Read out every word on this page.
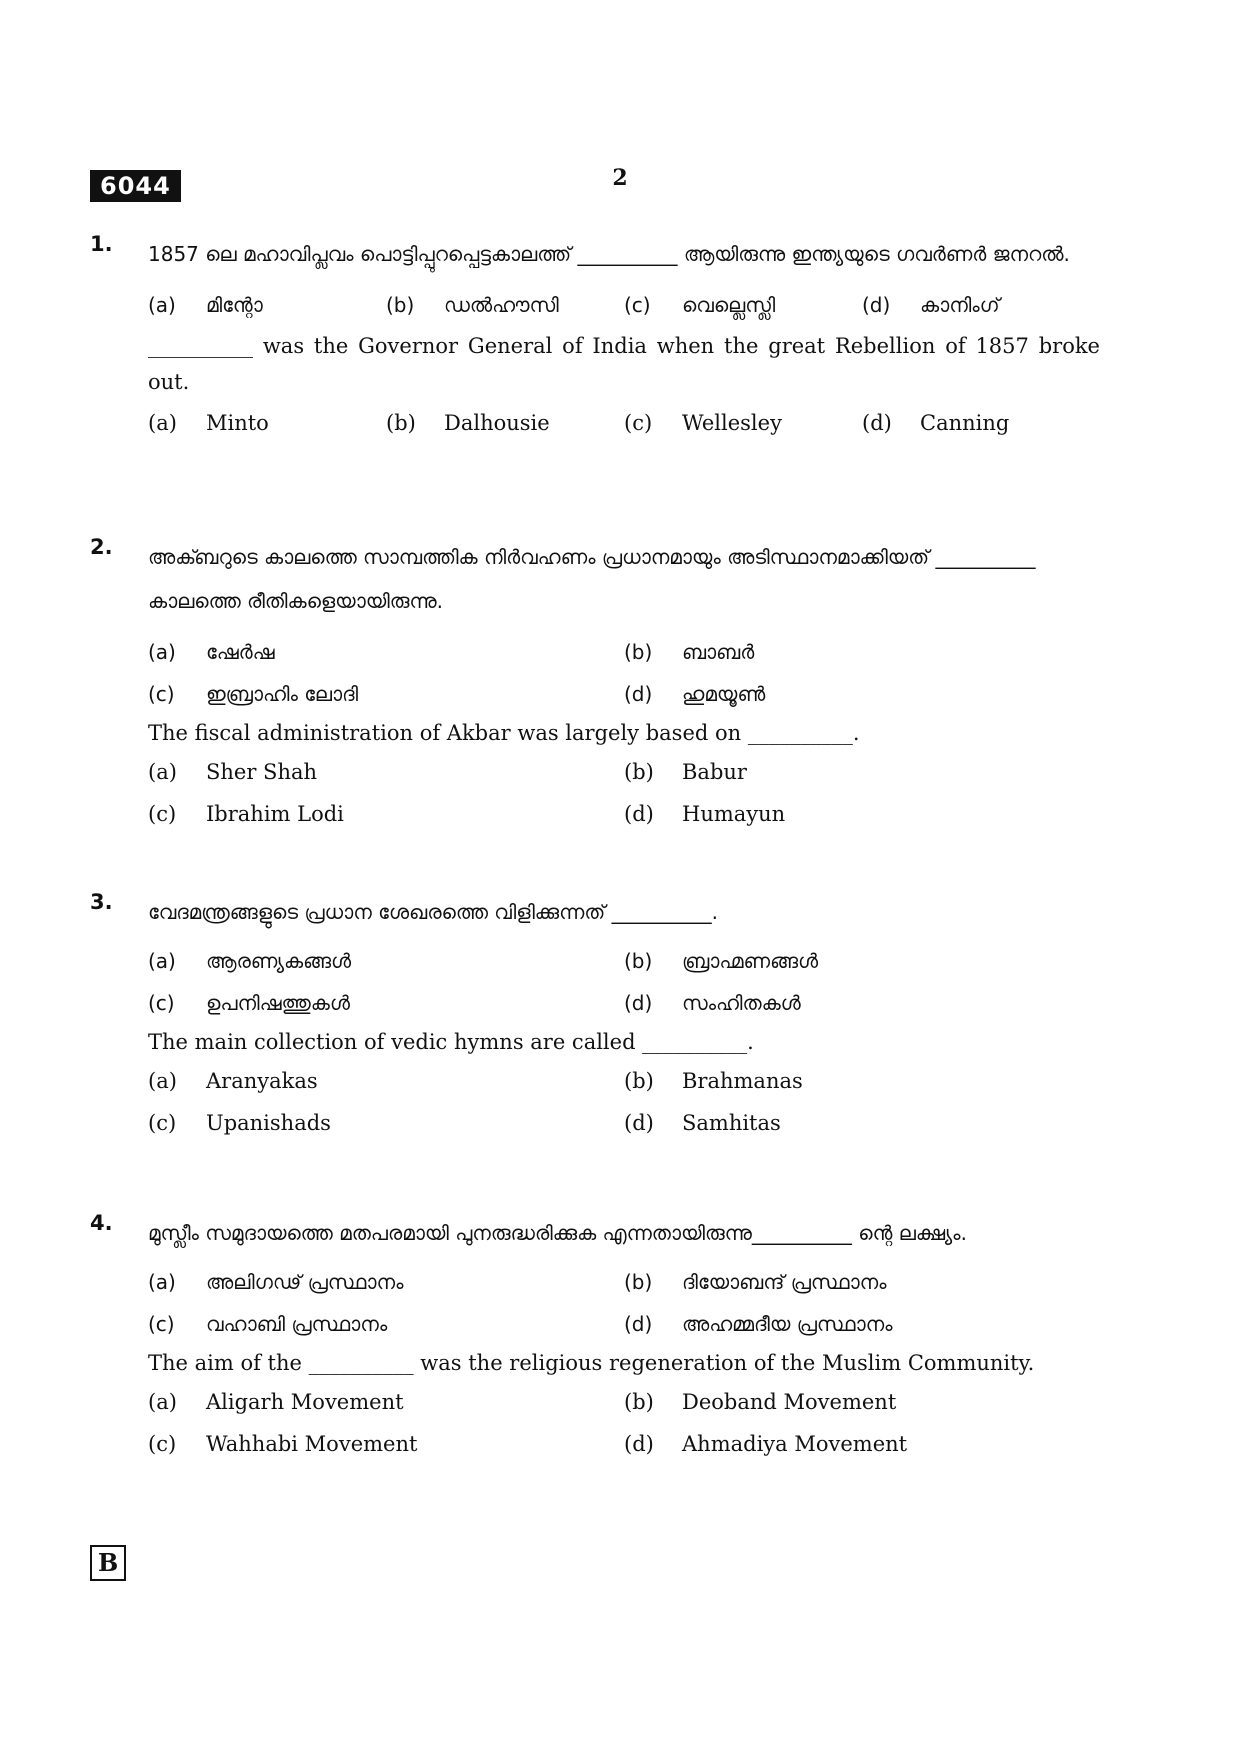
6044	2
1. 1857 ലെ മഹാവിപ്ലവം പൊട്ടിപ്പുറപ്പെട്ടകാലത്ത് __________ ആയിരുന്നു ഇന്ത്യയുടെ ഗവർണർ ജനറൽ.
(a)	മിന്റോ	(b)	ഡൽഹൗസി	(c)	വെല്ലെസ്ലി	(d)	കാനിംഗ്
__________ was the Governor General of India when the great Rebellion of 1857 broke out.
(a)	Minto	(b)	Dalhousie	(c)	Wellesley	(d)	Canning
2. അക്ബറുടെ കാലത്തെ സാമ്പത്തിക നിർവഹണം പ്രധാനമായും അടിസ്ഥാനമാക്കിയത് __________ കാലത്തെ രീതികളെയായിരുന്നു.
(a)	ഷേർഷ	(b)	ബാബർ
(c)	ഇബ്രാഹിം ലോദി	(d)	ഹുമയൂൺ
The fiscal administration of Akbar was largely based on __________.
(a)	Sher Shah	(b)	Babur
(c)	Ibrahim Lodi	(d)	Humayun
3. വേദമന്ത്രങ്ങളുടെ പ്രധാന ശേഖരത്തെ വിളിക്കുന്നത് __________.
(a)	ആരണ്യകങ്ങൾ	(b)	ബ്രാഹ്മണങ്ങൾ
(c)	ഉപനിഷത്തുകൾ	(d)	സംഹിതകൾ
The main collection of vedic hymns are called __________.
(a)	Aranyakas	(b)	Brahmanas
(c)	Upanishads	(d)	Samhitas
4. മുസ്ലീം സമുദായത്തെ മതപരമായി പുനരുദ്ധരിക്കുക എന്നതായിരുന്നു__________ ന്റെ ലക്ഷ്യം.
(a)	അലിഗഢ് പ്രസ്ഥാനം	(b)	ദിയോബന്ദ് പ്രസ്ഥാനം
(c)	വഹാബി പ്രസ്ഥാനം	(d)	അഹമ്മദീയ പ്രസ്ഥാനം
The aim of the __________ was the religious regeneration of the Muslim Community.
(a)	Aligarh Movement	(b)	Deoband Movement
(c)	Wahhabi Movement	(d)	Ahmadiya Movement
B
